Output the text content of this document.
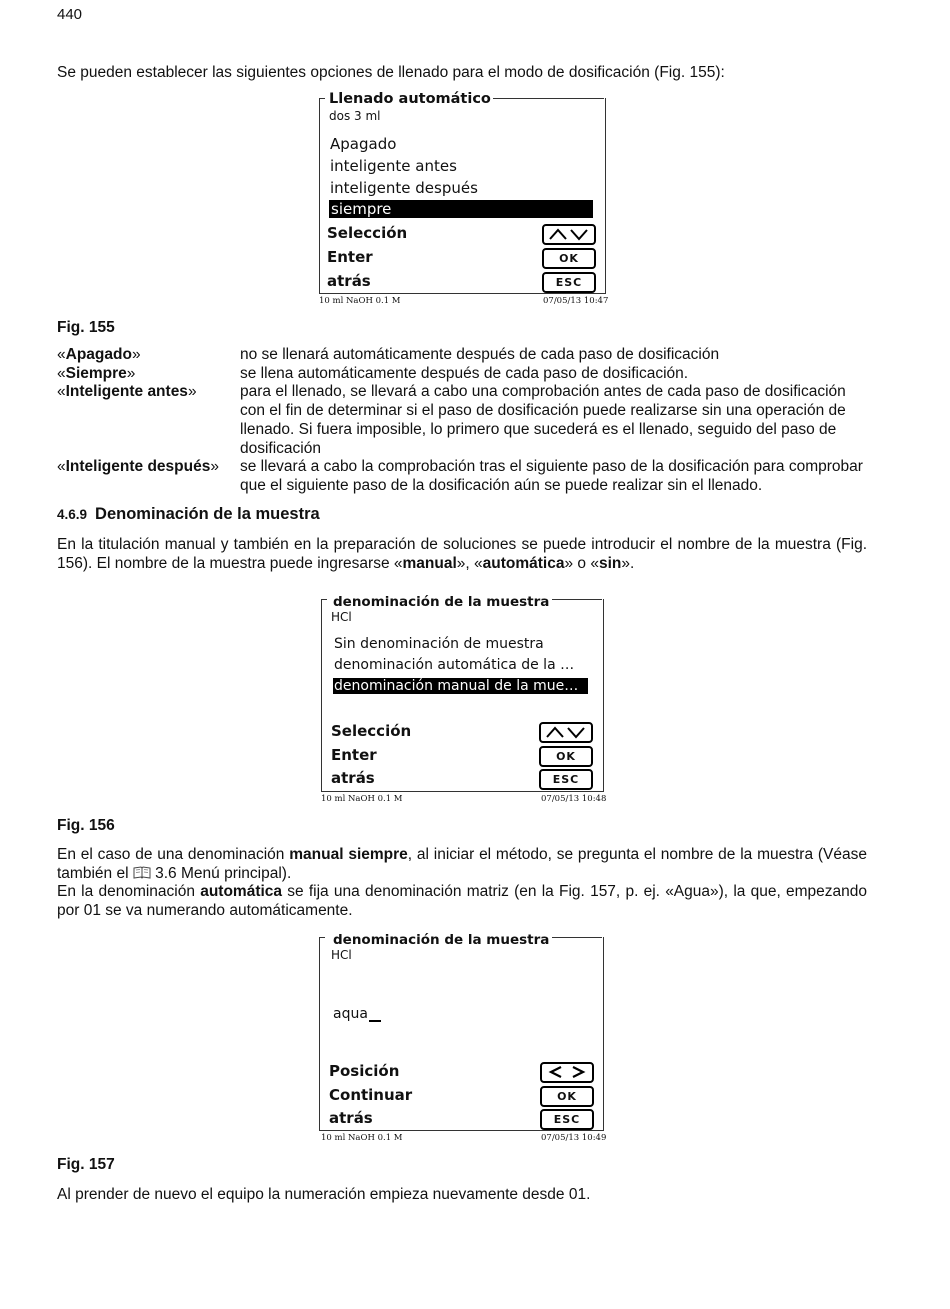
440
Se pueden establecer las siguientes opciones de llenado para el modo de dosificación (Fig. 155):
Llenado automático
dos 3 ml
Apagado
inteligente antes
inteligente después
siempre
Selección
Enter	OK
atrás	ESC
10 ml NaOH 0.1 M	07/05/13 10:47
Fig. 155
«Apagado»	no se llenará automáticamente después de cada paso de dosificación
«Siempre»	se llena automáticamente después de cada paso de dosificación.
«Inteligente antes»	para el llenado, se llevará a cabo una comprobación antes de cada paso de dosificación con el fin de determinar si el paso de dosificación puede realizarse sin una operación de llenado. Si fuera imposible, lo primero que sucederá es el llenado, seguido del paso de dosificación
«Inteligente después»	se llevará a cabo la comprobación tras el siguiente paso de la dosificación para comprobar que el siguiente paso de la dosificación aún se puede realizar sin el llenado.
4.6.9 Denominación de la muestra
En la titulación manual y también en la preparación de soluciones se puede introducir el nombre de la muestra (Fig. 156). El nombre de la muestra puede ingresarse «manual», «automática» o «sin».
denominación de la muestra
HCl
Sin denominación de muestra
denominación automática de la …
denominación manual de la mue…
Selección
Enter	OK
atrás	ESC
10 ml NaOH 0.1 M	07/05/13 10:48
Fig. 156
En el caso de una denominación manual siempre, al iniciar el método, se pregunta el nombre de la muestra (Véase también el  3.6 Menú principal).
En la denominación automática se fija una denominación matriz (en la Fig. 157, p. ej. «Agua»), la que, empezando por 01 se va numerando automáticamente.
denominación de la muestra
HCl
aqua
Posición
Continuar	OK
atrás	ESC
10 ml NaOH 0.1 M	07/05/13 10:49
Fig. 157
Al prender de nuevo el equipo la numeración empieza nuevamente desde 01.
